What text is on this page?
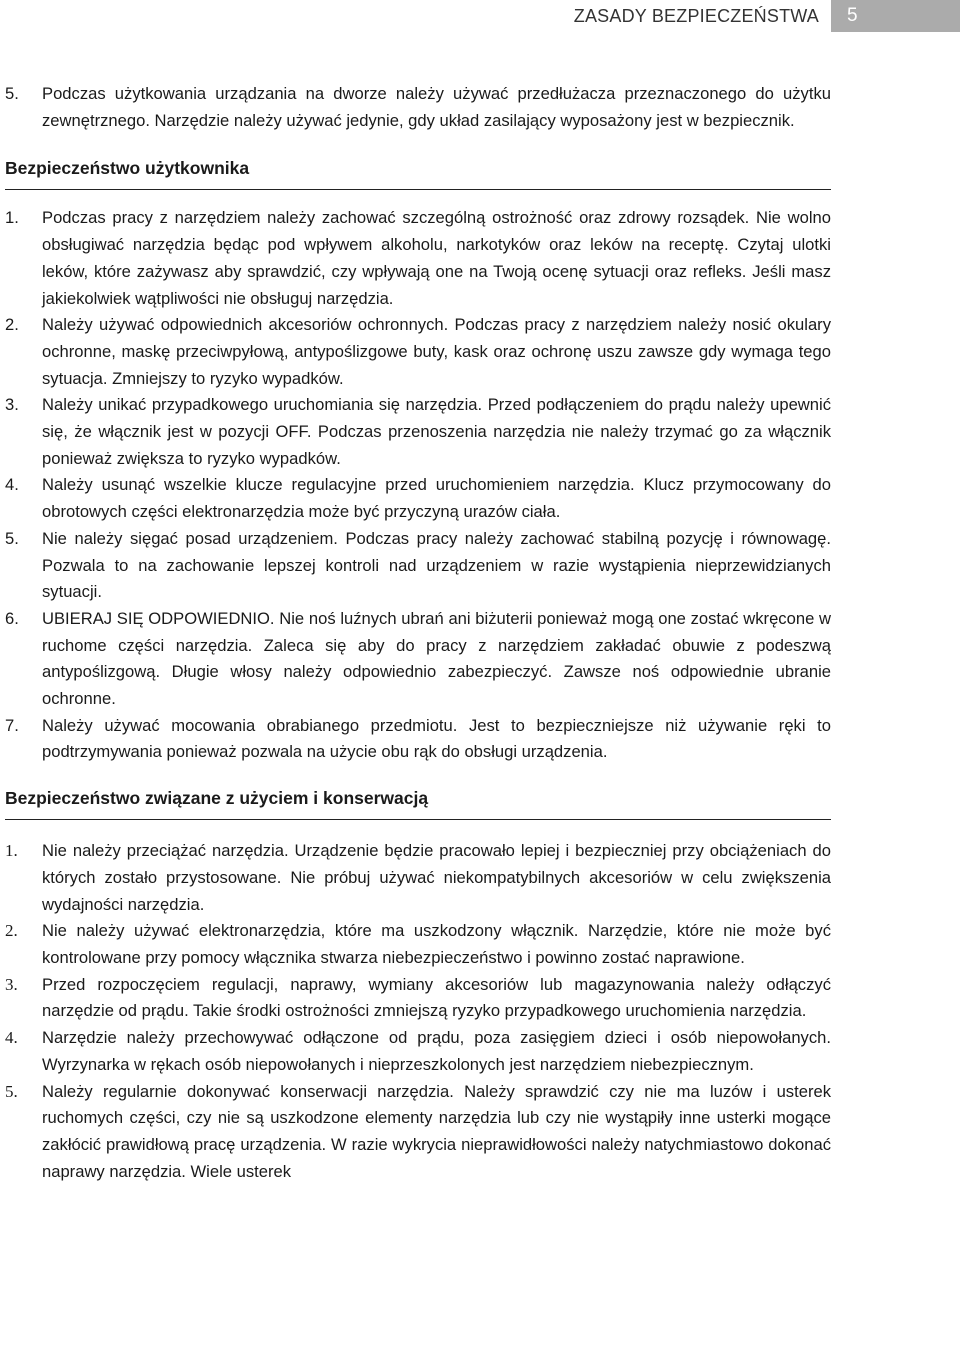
ZASADY BEZPIECZEŃSTWA	5
5. Podczas użytkowania urządzania na dworze należy używać przedłużacza przeznaczonego do użytku zewnętrznego. Narzędzie należy używać jedynie, gdy układ zasilający wyposażony jest w bezpiecznik.
Bezpieczeństwo użytkownika
1. Podczas pracy z narzędziem należy zachować szczególną ostrożność oraz zdrowy rozsądek. Nie wolno obsługiwać narzędzia będąc pod wpływem alkoholu, narkotyków oraz leków na receptę. Czytaj ulotki leków, które zażywasz aby sprawdzić, czy wpływają one na Twoją ocenę sytuacji oraz refleks. Jeśli masz jakiekolwiek wątpliwości nie obsługuj narzędzia.
2. Należy używać odpowiednich akcesoriów ochronnych. Podczas pracy z narzędziem należy nosić okulary ochronne, maskę przeciwpyłową, antypoślizgowe buty, kask oraz ochronę uszu zawsze gdy wymaga tego sytuacja. Zmniejszy to ryzyko wypadków.
3. Należy unikać przypadkowego uruchomiania się narzędzia. Przed podłączeniem do prądu należy upewnić się, że włącznik jest w pozycji OFF. Podczas przenoszenia narzędzia nie należy trzymać go za włącznik ponieważ zwiększa to ryzyko wypadków.
4. Należy usunąć wszelkie klucze regulacyjne przed uruchomieniem narzędzia. Klucz przymocowany do obrotowych części elektronarzędzia może być przyczyną urazów ciała.
5. Nie należy sięgać posad urządzeniem. Podczas pracy należy zachować stabilną pozycję i równowagę. Pozwala to na zachowanie lepszej kontroli nad urządzeniem w razie wystąpienia nieprzewidzianych sytuacji.
6. UBIERAJ SIĘ ODPOWIEDNIO. Nie noś luźnych ubrań ani biżuterii ponieważ mogą one zostać wkręcone w ruchome części narzędzia. Zaleca się aby do pracy z narzędziem zakładać obuwie z podeszwą antypoślizgową. Długie włosy należy odpowiednio zabezpieczyć. Zawsze noś odpowiednie ubranie ochronne.
7. Należy używać mocowania obrabianego przedmiotu. Jest to bezpieczniejsze niż używanie ręki to podtrzymywania ponieważ pozwala na użycie obu rąk do obsługi urządzenia.
Bezpieczeństwo związane z użyciem i konserwacją
1. Nie należy przeciążać narzędzia. Urządzenie będzie pracowało lepiej i bezpieczniej przy obciążeniach do których zostało przystosowane. Nie próbuj używać niekompatybilnych akcesoriów w celu zwiększenia wydajności narzędzia.
2. Nie należy używać elektronarzędzia, które ma uszkodzony włącznik. Narzędzie, które nie może być kontrolowane przy pomocy włącznika stwarza niebezpieczeństwo i powinno zostać naprawione.
3. Przed rozpoczęciem regulacji, naprawy, wymiany akcesoriów lub magazynowania należy odłączyć narzędzie od prądu. Takie środki ostrożności zmniejszą ryzyko przypadkowego uruchomienia narzędzia.
4. Narzędzie należy przechowywać odłączone od prądu, poza zasięgiem dzieci i osób niepowołanych. Wyrzynarka w rękach osób niepowołanych i nieprzeszkolonych jest narzędziem niebezpiecznym.
5. Należy regularnie dokonywać konserwacji narzędzia. Należy sprawdzić czy nie ma luzów i usterek ruchomych części, czy nie są uszkodzone elementy narzędzia lub czy nie wystąpiły inne usterki mogące zakłócić prawidłową pracę urządzenia. W razie wykrycia nieprawidłowości należy natychmiastowo dokonać naprawy narzędzia. Wiele usterek
